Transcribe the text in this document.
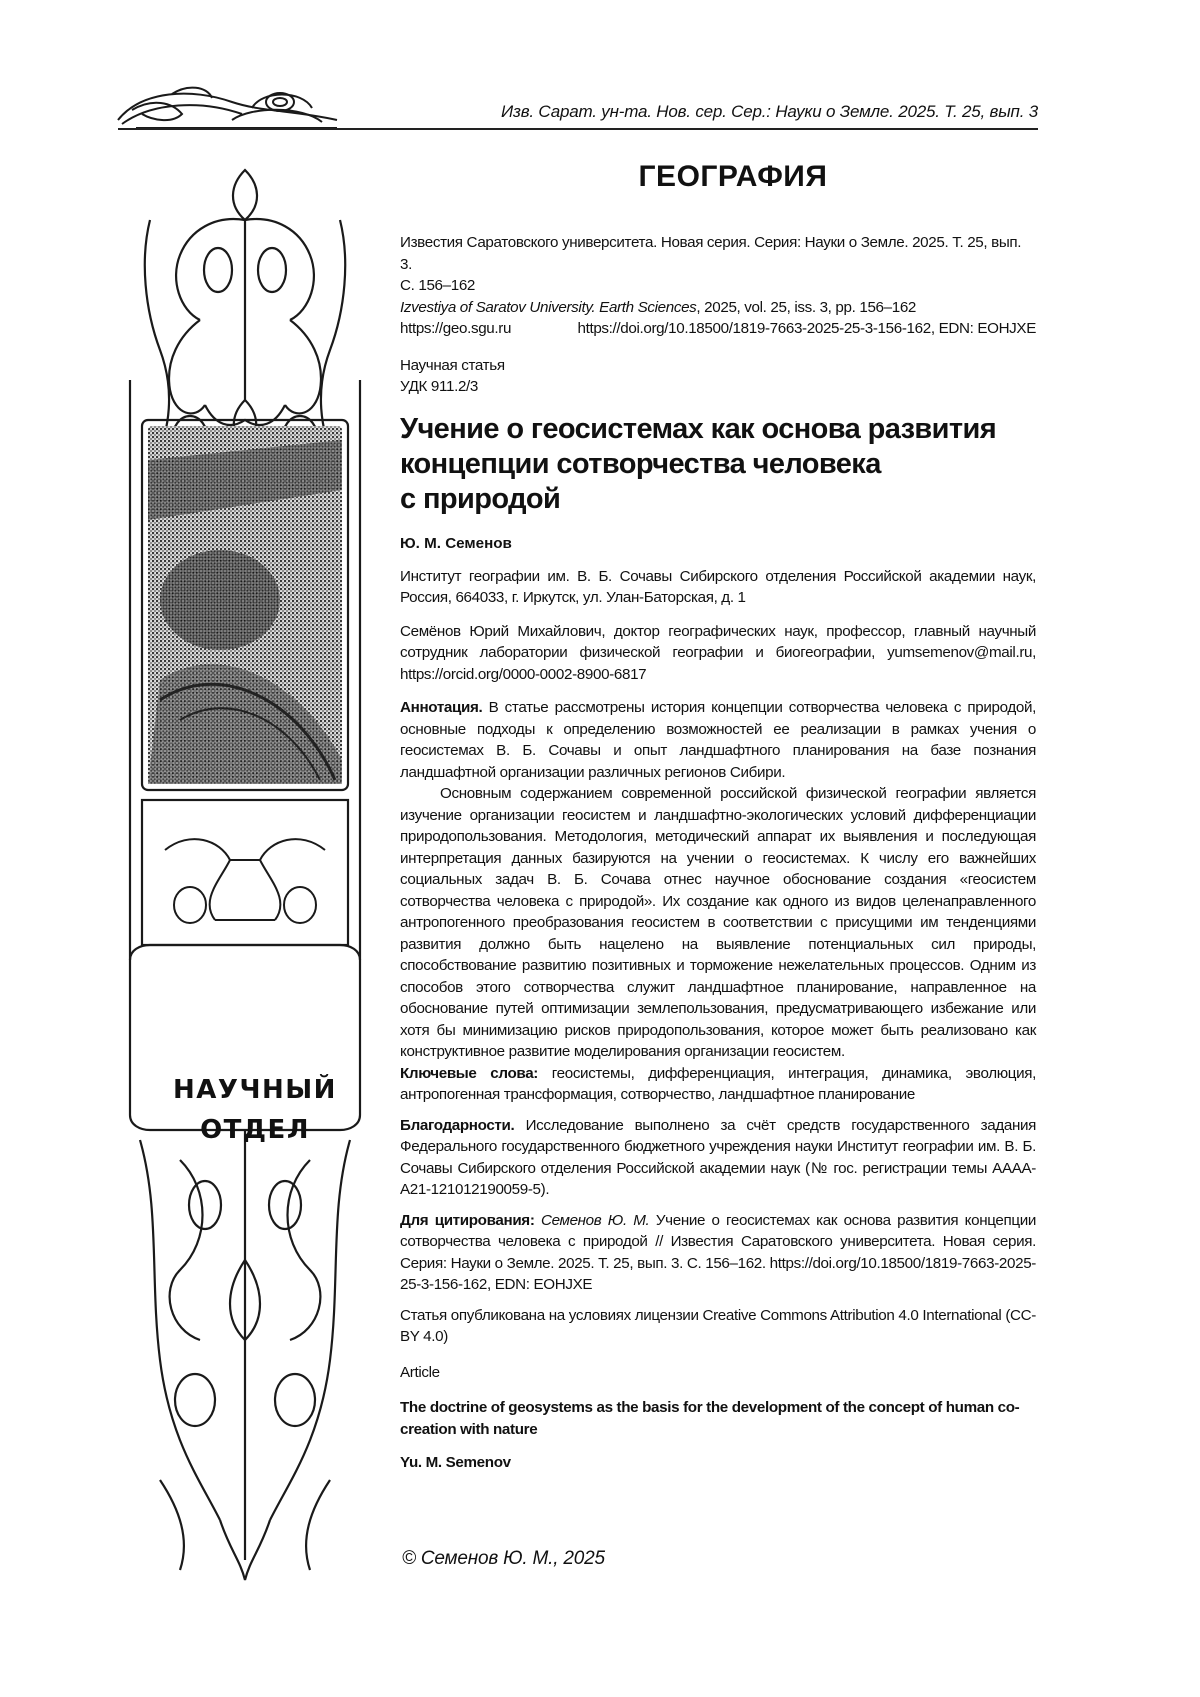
Изв. Сарат. ун-та. Нов. сер. Сер.: Науки о Земле. 2025. Т. 25, вып. 3
НАУЧНЫЙ
ОТДЕЛ
ГЕОГРАФИЯ
Известия Саратовского университета. Новая серия. Серия: Науки о Земле. 2025. Т. 25, вып. 3.
С. 156–162
Izvestiya of Saratov University. Earth Sciences, 2025, vol. 25, iss. 3, pp. 156–162
https://geo.sgu.ru	https://doi.org/10.18500/1819-7663-2025-25-3-156-162, EDN: EOHJXE
Научная статья
УДК 911.2/3
Учение о геосистемах как основа развития
концепции сотворчества человека
с природой
Ю. М. Семенов
Институт географии им. В. Б. Сочавы Сибирского отделения Российской академии наук, Россия, 664033, г. Иркутск, ул. Улан-Баторская, д. 1
Семёнов Юрий Михайлович, доктор географических наук, профессор, главный научный сотрудник лаборатории физической географии и биогеографии, yumsemenov@mail.ru, https://orcid.org/0000-0002-8900-6817
Аннотация. В статье рассмотрены история концепции сотворчества человека с природой, основные подходы к определению возможностей ее реализации в рамках учения о геосистемах В. Б. Сочавы и опыт ландшафтного планирования на базе познания ландшафтной организации различных регионов Сибири.
Основным содержанием современной российской физической географии является изучение организации геосистем и ландшафтно-экологических условий дифференциации природопользования. Методология, методический аппарат их выявления и последующая интерпретация данных базируются на учении о геосистемах. К числу его важнейших социальных задач В. Б. Сочава отнес научное обоснование создания «геосистем сотворчества человека с природой». Их создание как одного из видов целенаправленного антропогенного преобразования геосистем в соответствии с присущими им тенденциями развития должно быть нацелено на выявление потенциальных сил природы, способствование развитию позитивных и торможение нежелательных процессов. Одним из способов этого сотворчества служит ландшафтное планирование, направленное на обоснование путей оптимизации землепользования, предусматривающего избежание или хотя бы минимизацию рисков природопользования, которое может быть реализовано как конструктивное развитие моделирования организации геосистем.
Ключевые слова: геосистемы, дифференциация, интеграция, динамика, эволюция, антропогенная трансформация, сотворчество, ландшафтное планирование
Благодарности. Исследование выполнено за счёт средств государственного задания Федерального государственного бюджетного учреждения науки Институт географии им. В. Б. Сочавы Сибирского отделения Российской академии наук (№ гос. регистрации темы АААА-А21-121012190059-5).
Для цитирования: Семенов Ю. М. Учение о геосистемах как основа развития концепции сотворчества человека с природой // Известия Саратовского университета. Новая серия. Серия: Науки о Земле. 2025. Т. 25, вып. 3. С. 156–162. https://doi.org/10.18500/1819-7663-2025-25-3-156-162, EDN: EOHJXE
Статья опубликована на условиях лицензии Creative Commons Attribution 4.0 International (CC-BY 4.0)
Article
The doctrine of geosystems as the basis for the development of the concept of human co-creation with nature
Yu. M. Semenov
© Семенов Ю. М., 2025
